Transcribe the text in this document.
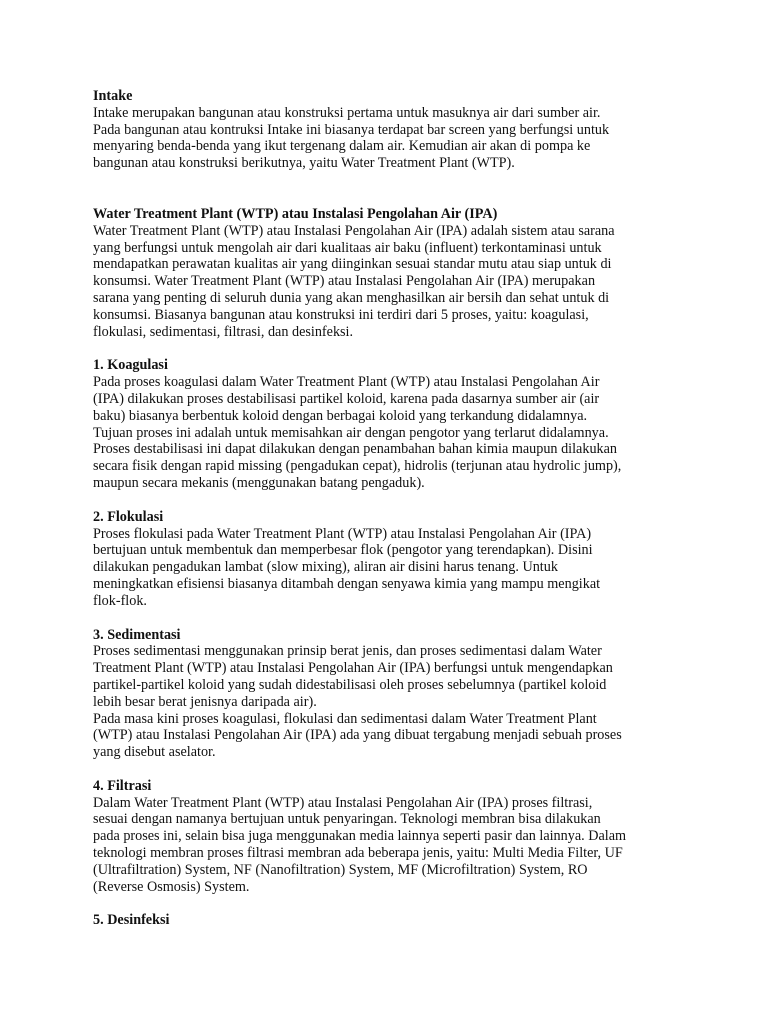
Intake
Intake merupakan bangunan atau konstruksi pertama untuk masuknya air dari sumber air.
Pada bangunan atau kontruksi Intake ini biasanya terdapat bar screen yang berfungsi untuk
menyaring benda-benda yang ikut tergenang dalam air. Kemudian air akan di pompa ke
bangunan atau konstruksi berikutnya, yaitu Water Treatment Plant (WTP).
Water Treatment Plant (WTP) atau Instalasi Pengolahan Air (IPA)
Water Treatment Plant (WTP) atau Instalasi Pengolahan Air (IPA) adalah sistem atau sarana
yang berfungsi untuk mengolah air dari kualitaas air baku (influent) terkontaminasi untuk
mendapatkan perawatan kualitas air yang diinginkan sesuai standar mutu atau siap untuk di
konsumsi. Water Treatment Plant (WTP) atau Instalasi Pengolahan Air (IPA) merupakan
sarana yang penting di seluruh dunia yang akan menghasilkan air bersih dan sehat untuk di
konsumsi. Biasanya bangunan atau konstruksi ini terdiri dari 5 proses, yaitu: koagulasi,
flokulasi, sedimentasi, filtrasi, dan desinfeksi.
1. Koagulasi
Pada proses koagulasi dalam Water Treatment Plant (WTP) atau Instalasi Pengolahan Air
(IPA) dilakukan proses destabilisasi partikel koloid, karena pada dasarnya sumber air (air
baku) biasanya berbentuk koloid dengan berbagai koloid yang terkandung didalamnya.
Tujuan proses ini adalah untuk memisahkan air dengan pengotor yang terlarut didalamnya.
Proses destabilisasi ini dapat dilakukan dengan penambahan bahan kimia maupun dilakukan
secara fisik dengan rapid missing (pengadukan cepat), hidrolis (terjunan atau hydrolic jump),
maupun secara mekanis (menggunakan batang pengaduk).
2. Flokulasi
Proses flokulasi pada Water Treatment Plant (WTP) atau Instalasi Pengolahan Air (IPA)
bertujuan untuk membentuk dan memperbesar flok (pengotor yang terendapkan). Disini
dilakukan pengadukan lambat (slow mixing), aliran air disini harus tenang. Untuk
meningkatkan efisiensi biasanya ditambah dengan senyawa kimia yang mampu mengikat
flok-flok.
3. Sedimentasi
Proses sedimentasi menggunakan prinsip berat jenis, dan proses sedimentasi dalam Water
Treatment Plant (WTP) atau Instalasi Pengolahan Air (IPA) berfungsi untuk mengendapkan
partikel-partikel koloid yang sudah didestabilisasi oleh proses sebelumnya (partikel koloid
lebih besar berat jenisnya daripada air).
Pada masa kini proses koagulasi, flokulasi dan sedimentasi dalam Water Treatment Plant
(WTP) atau Instalasi Pengolahan Air (IPA) ada yang dibuat tergabung menjadi sebuah proses
yang disebut aselator.
4. Filtrasi
Dalam Water Treatment Plant (WTP) atau Instalasi Pengolahan Air (IPA) proses filtrasi,
sesuai dengan namanya bertujuan untuk penyaringan. Teknologi membran bisa dilakukan
pada proses ini, selain bisa juga menggunakan media lainnya seperti pasir dan lainnya. Dalam
teknologi membran proses filtrasi membran ada beberapa jenis, yaitu: Multi Media Filter, UF
(Ultrafiltration) System, NF (Nanofiltration) System, MF (Microfiltration) System, RO
(Reverse Osmosis) System.
5. Desinfeksi
